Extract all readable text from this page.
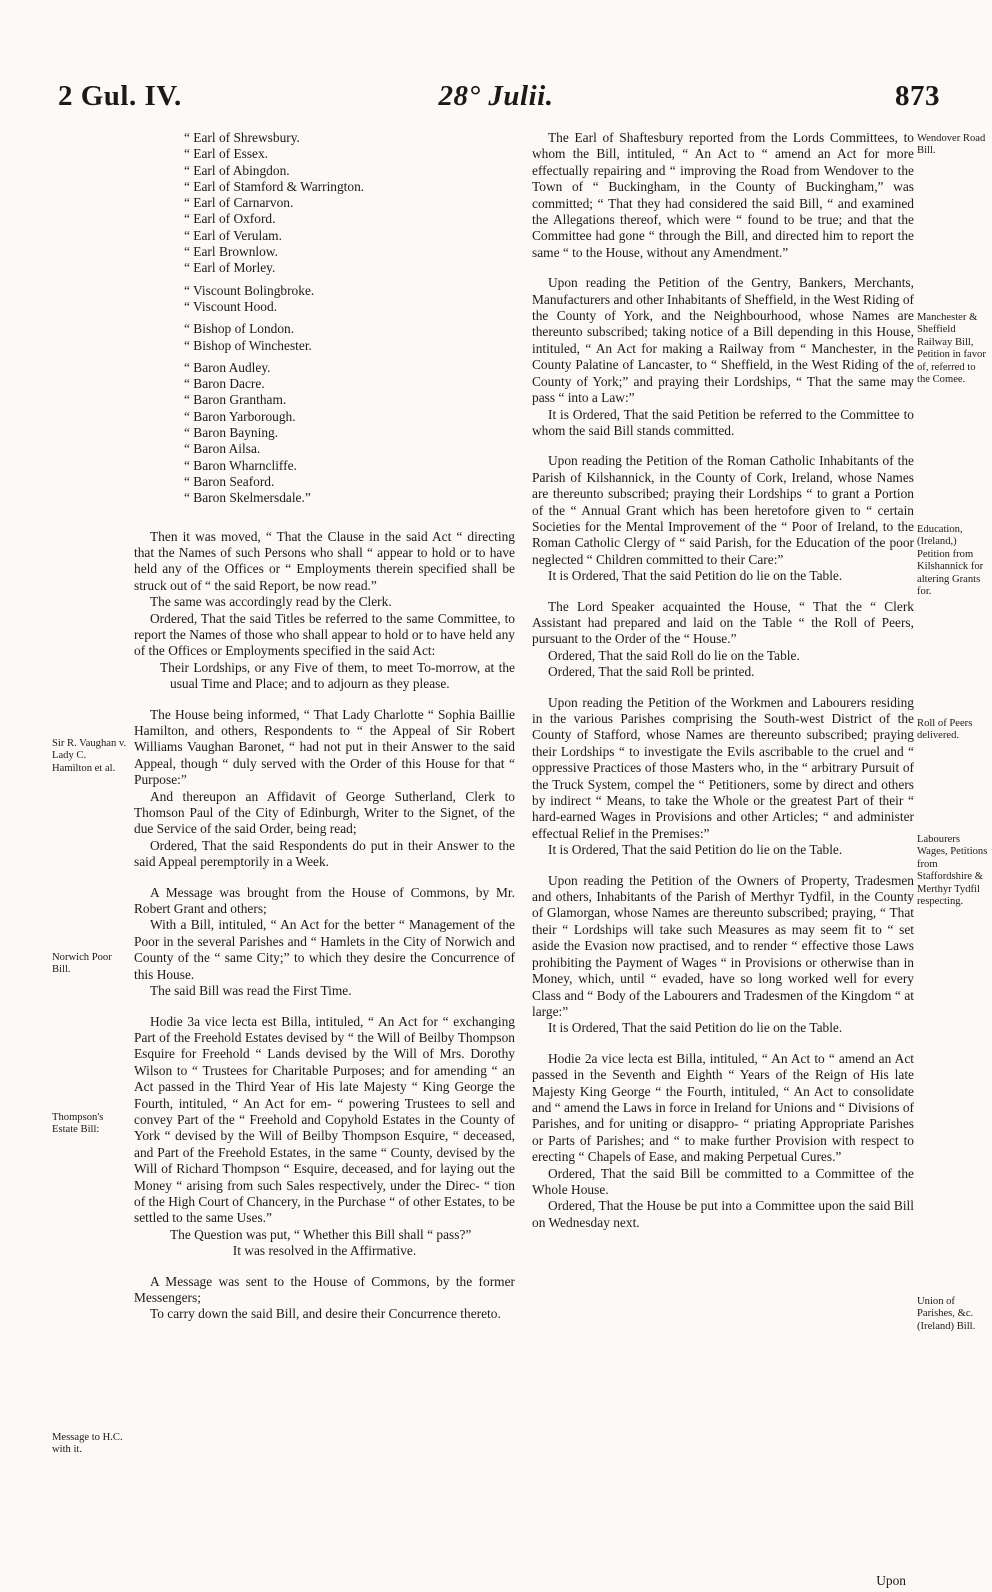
2 Gul. IV.	28° Julii.	873
“ Earl of Shrewsbury.
“ Earl of Essex.
“ Earl of Abingdon.
“ Earl of Stamford & Warrington.
“ Earl of Carnarvon.
“ Earl of Oxford.
“ Earl of Verulam.
“ Earl Brownlow.
“ Earl of Morley.
“ Viscount Bolingbroke.
“ Viscount Hood.
“ Bishop of London.
“ Bishop of Winchester.
“ Baron Audley.
“ Baron Dacre.
“ Baron Grantham.
“ Baron Yarborough.
“ Baron Bayning.
“ Baron Ailsa.
“ Baron Wharncliffe.
“ Baron Seaford.
“ Baron Skelmersdale.”

Then it was moved, “ That the Clause in the said Act “ directing that the Names of such Persons who shall “ appear to hold or to have held any of the Offices or “ Employments therein specified shall be struck out of “ the said Report, be now read.”

The same was accordingly read by the Clerk.

Ordered, That the said Titles be referred to the same Committee, to report the Names of those who shall appear to hold or to have held any of the Offices or Employments specified in the said Act:

Their Lordships, or any Five of them, to meet To-morrow, at the usual Time and Place; and to adjourn as they please.

The House being informed, “ That Lady Charlotte “ Sophia Baillie Hamilton, and others, Respondents to “ the Appeal of Sir Robert Williams Vaughan Baronet, “ had not put in their Answer to the said Appeal, though “ duly served with the Order of this House for that “ Purpose:”

And thereupon an Affidavit of George Sutherland, Clerk to Thomson Paul of the City of Edinburgh, Writer to the Signet, of the due Service of the said Order, being read;

Ordered, That the said Respondents do put in their Answer to the said Appeal peremptorily in a Week.

A Message was brought from the House of Commons, by Mr. Robert Grant and others;

With a Bill, intituled, “ An Act for the better “ Management of the Poor in the several Parishes and “ Hamlets in the City of Norwich and County of the “ same City;” to which they desire the Concurrence of this House.

The said Bill was read the First Time.

Hodie 3a vice lecta est Billa, intituled, “ An Act for “ exchanging Part of the Freehold Estates devised by “ the Will of Beilby Thompson Esquire for Freehold “ Lands devised by the Will of Mrs. Dorothy Wilson to “ Trustees for Charitable Purposes; and for amending “ an Act passed in the Third Year of His late Majesty “ King George the Fourth, intituled, “ An Act for em- “ powering Trustees to sell and convey Part of the “ Freehold and Copyhold Estates in the County of York “ devised by the Will of Beilby Thompson Esquire, “ deceased, and Part of the Freehold Estates, in the same “ County, devised by the Will of Richard Thompson “ Esquire, deceased, and for laying out the Money “ arising from such Sales respectively, under the Direc- “ tion of the High Court of Chancery, in the Purchase “ of other Estates, to be settled to the same Uses.”

The Question was put, “ Whether this Bill shall “ pass?”

It was resolved in the Affirmative.

A Message was sent to the House of Commons, by the former Messengers;

To carry down the said Bill, and desire their Concurrence thereto.

The Earl of Shaftesbury reported from the Lords Committees, to whom the Bill, intituled, “ An Act to “ amend an Act for more effectually repairing and “ improving the Road from Wendover to the Town of “ Buckingham, in the County of Buckingham,” was committed; “ That they had considered the said Bill, “ and examined the Allegations thereof, which were “ found to be true; and that the Committee had gone “ through the Bill, and directed him to report the same “ to the House, without any Amendment.”

Upon reading the Petition of the Gentry, Bankers, Merchants, Manufacturers and other Inhabitants of Sheffield, in the West Riding of the County of York, and the Neighbourhood, whose Names are thereunto subscribed; taking notice of a Bill depending in this House, intituled, “ An Act for making a Railway from “ Manchester, in the County Palatine of Lancaster, to “ Sheffield, in the West Riding of the County of York;” and praying their Lordships, “ That the same may pass “ into a Law:”

It is Ordered, That the said Petition be referred to the Committee to whom the said Bill stands committed.

Upon reading the Petition of the Roman Catholic Inhabitants of the Parish of Kilshannick, in the County of Cork, Ireland, whose Names are thereunto subscribed; praying their Lordships “ to grant a Portion of the “ Annual Grant which has been heretofore given to “ certain Societies for the Mental Improvement of the “ Poor of Ireland, to the Roman Catholic Clergy of “ said Parish, for the Education of the poor neglected “ Children committed to their Care:”

It is Ordered, That the said Petition do lie on the Table.

The Lord Speaker acquainted the House, “ That the “ Clerk Assistant had prepared and laid on the Table “ the Roll of Peers, pursuant to the Order of the “ House.”

Ordered, That the said Roll do lie on the Table.

Ordered, That the said Roll be printed.

Upon reading the Petition of the Workmen and Labourers residing in the various Parishes comprising the South-west District of the County of Stafford, whose Names are thereunto subscribed; praying their Lordships “ to investigate the Evils ascribable to the cruel and “ oppressive Practices of those Masters who, in the “ arbitrary Pursuit of the Truck System, compel the “ Petitioners, some by direct and others by indirect “ Means, to take the Whole or the greatest Part of their “ hard-earned Wages in Provisions and other Articles; “ and administer effectual Relief in the Premises:”

It is Ordered, That the said Petition do lie on the Table.

Upon reading the Petition of the Owners of Property, Tradesmen and others, Inhabitants of the Parish of Merthyr Tydfil, in the County of Glamorgan, whose Names are thereunto subscribed; praying, “ That their “ Lordships will take such Measures as may seem fit to “ set aside the Evasion now practised, and to render “ effective those Laws prohibiting the Payment of Wages “ in Provisions or otherwise than in Money, which, until “ evaded, have so long worked well for every Class and “ Body of the Labourers and Tradesmen of the Kingdom “ at large:”

It is Ordered, That the said Petition do lie on the Table.

Hodie 2a vice lecta est Billa, intituled, “ An Act to “ amend an Act passed in the Seventh and Eighth “ Years of the Reign of His late Majesty King George “ the Fourth, intituled, “ An Act to consolidate and “ amend the Laws in force in Ireland for Unions and “ Divisions of Parishes, and for uniting or disappro- “ priating Appropriate Parishes or Parts of Parishes; and “ to make further Provision with respect to erecting “ Chapels of Ease, and making Perpetual Cures.”

Ordered, That the said Bill be committed to a Committee of the Whole House.

Ordered, That the House be put into a Committee upon the said Bill on Wednesday next.

Sir R. Vaughan v. Lady C. Hamilton et al.
Norwich Poor Bill.
Thompson's Estate Bill:
Message to H.C. with it.
Wendover Road Bill.
Manchester & Sheffield Railway Bill, Petition in favor of, referred to the Comee.
Education, (Ireland,) Petition from Kilshannick for altering Grants for.
Roll of Peers delivered.
Labourers Wages, Petitions from Staffordshire & Merthyr Tydfil respecting.
Union of Parishes, &c. (Ireland) Bill.
Upon
